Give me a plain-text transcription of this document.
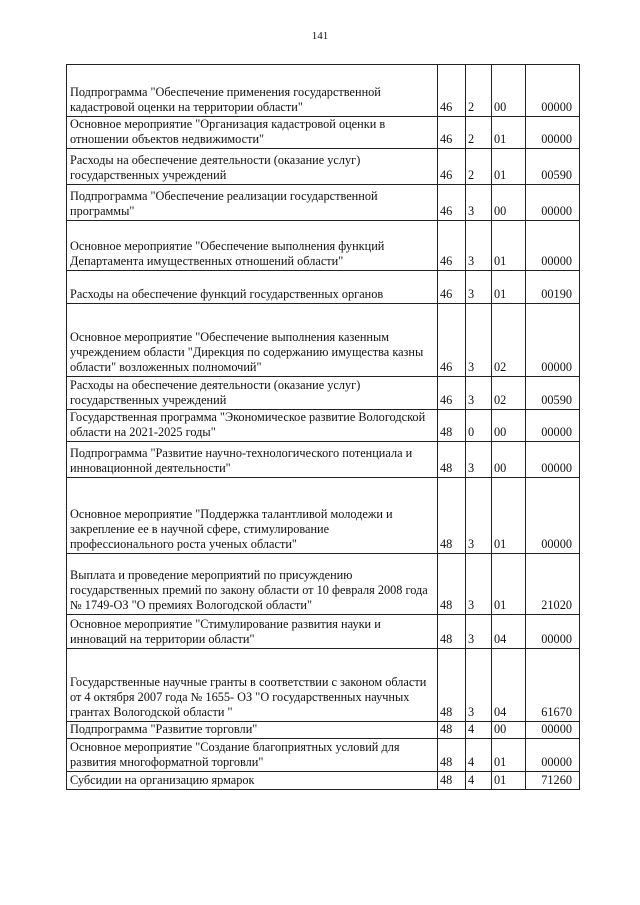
141
Подпрограмма "Обеспечение применения государственной кадастровой оценки на территории области"	46	2	00	00000
Основное мероприятие "Организация кадастровой оценки в отношении объектов недвижимости"	46	2	01	00000
Расходы на обеспечение деятельности (оказание услуг) государственных учреждений	46	2	01	00590
Подпрограмма "Обеспечение реализации государственной программы"	46	3	00	00000
Основное мероприятие "Обеспечение выполнения функций Департамента имущественных отношений области"	46	3	01	00000
Расходы на обеспечение функций государственных органов	46	3	01	00190
Основное мероприятие "Обеспечение выполнения казенным учреждением области "Дирекция по содержанию имущества казны области" возложенных полномочий"	46	3	02	00000
Расходы на обеспечение деятельности (оказание услуг) государственных учреждений	46	3	02	00590
Государственная программа "Экономическое развитие Вологодской области на 2021-2025 годы"	48	0	00	00000
Подпрограмма "Развитие научно-технологического потенциала и инновационной деятельности"	48	3	00	00000
Основное мероприятие "Поддержка талантливой молодежи и закрепление ее в научной сфере, стимулирование профессионального роста ученых области"	48	3	01	00000
Выплата и проведение мероприятий по присуждению государственных премий по закону области от 10 февраля 2008 года № 1749-ОЗ "О премиях Вологодской области"	48	3	01	21020
Основное мероприятие "Стимулирование развития науки и инноваций на территории области"	48	3	04	00000
Государственные научные гранты в соответствии с законом области от 4 октября 2007 года № 1655- ОЗ "О государственных научных грантах Вологодской области "	48	3	04	61670
Подпрограмма "Развитие торговли"	48	4	00	00000
Основное мероприятие "Создание благоприятных условий для развития многоформатной торговли"	48	4	01	00000
Субсидии на организацию ярмарок	48	4	01	71260
